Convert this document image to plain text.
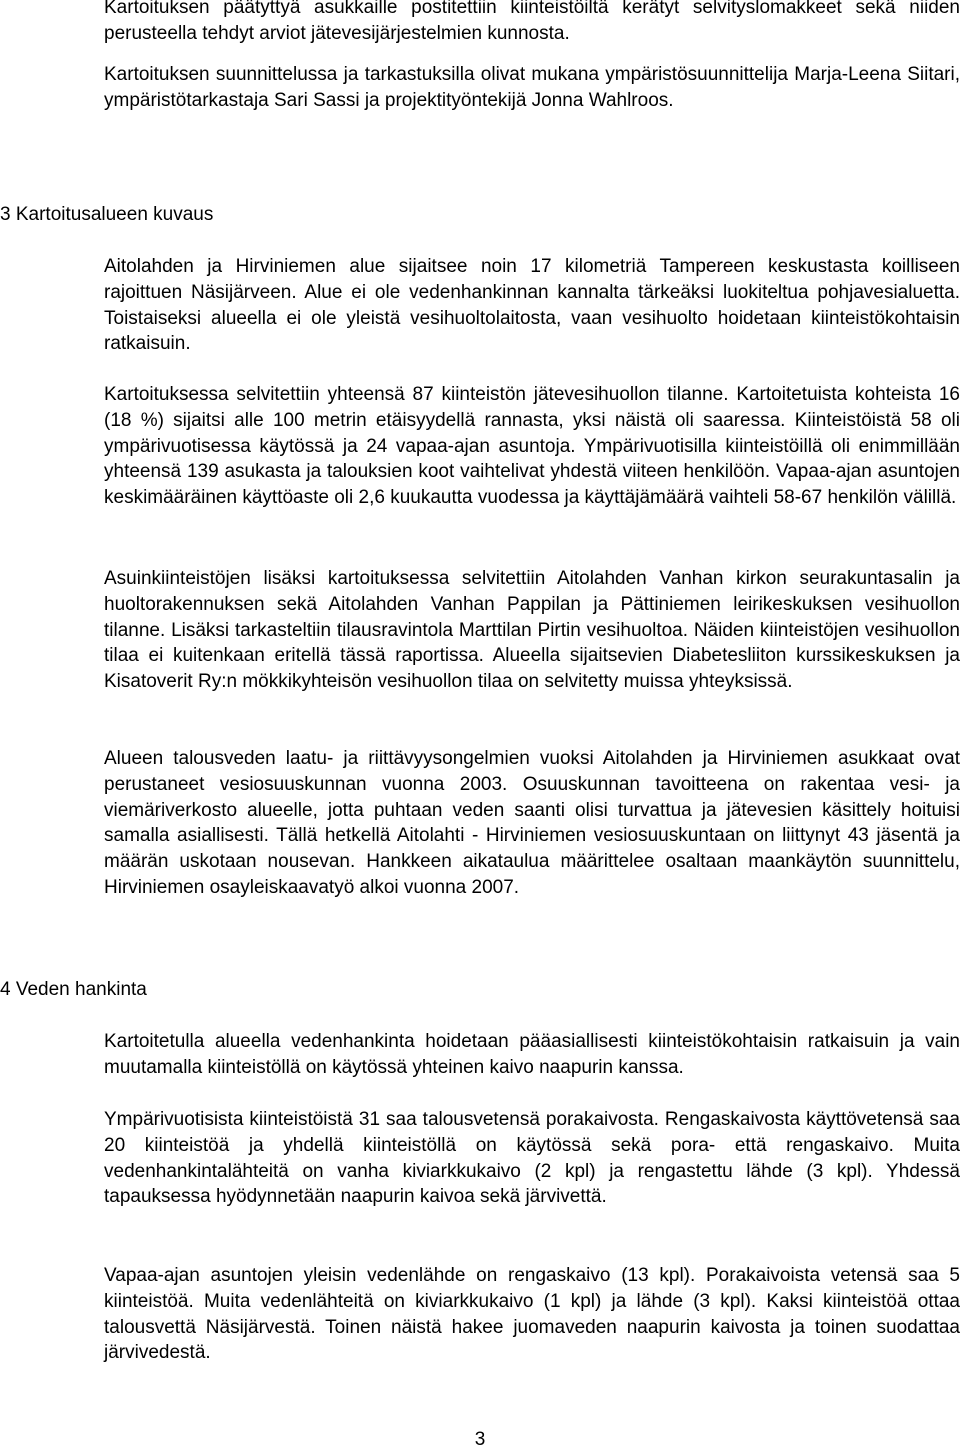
Kartoituksen päätyttyä asukkaille postitettiin kiinteistöiltä kerätyt selvityslomakkeet sekä niiden perusteella tehdyt arviot jätevesijärjestelmien kunnosta.

Kartoituksen suunnittelussa ja tarkastuksilla olivat mukana ympäristösuunnittelija Marja-Leena Siitari, ympäristötarkastaja Sari Sassi ja projektityöntekijä Jonna Wahlroos.

3 Kartoitusalueen kuvaus

Aitolahden ja Hirviniemen alue sijaitsee noin 17 kilometriä Tampereen keskustasta koilliseen rajoittuen Näsijärveen. Alue ei ole vedenhankinnan kannalta tärkeäksi luokiteltua pohjavesialuetta. Toistaiseksi alueella ei ole yleistä vesihuoltolaitosta, vaan vesihuolto hoidetaan kiinteistökohtaisin ratkaisuin.

Kartoituksessa selvitettiin yhteensä 87 kiinteistön jätevesihuollon tilanne. Kartoitetuista kohteista 16 (18 %) sijaitsi alle 100 metrin etäisyydellä rannasta, yksi näistä oli saaressa. Kiinteistöistä 58 oli ympärivuotisessa käytössä ja 24 vapaa-ajan asuntoja. Ympärivuotisilla kiinteistöillä oli enimmillään yhteensä 139 asukasta ja talouksien koot vaihtelivat yhdestä viiteen henkilöön. Vapaa-ajan asuntojen keskimääräinen käyttöaste oli 2,6 kuukautta vuodessa ja käyttäjämäärä vaihteli 58-67 henkilön välillä.

Asuinkiinteistöjen lisäksi kartoituksessa selvitettiin Aitolahden Vanhan kirkon seurakuntasalin ja huoltorakennuksen sekä Aitolahden Vanhan Pappilan ja Pättiniemen leirikeskuksen vesihuollon tilanne. Lisäksi tarkasteltiin tilausravintola Marttilan Pirtin vesihuoltoa. Näiden kiinteistöjen vesihuollon tilaa ei kuitenkaan eritellä tässä raportissa. Alueella sijaitsevien Diabetesliiton kurssikeskuksen ja Kisatoverit Ry:n mökkikyhteisön vesihuollon tilaa on selvitetty muissa yhteyksissä.

Alueen talousveden laatu- ja riittävyysongelmien vuoksi Aitolahden ja Hirviniemen asukkaat ovat perustaneet vesiosuuskunnan vuonna 2003. Osuuskunnan tavoitteena on rakentaa vesi- ja viemäriverkosto alueelle, jotta puhtaan veden saanti olisi turvattua ja jätevesien käsittely hoituisi samalla asiallisesti. Tällä hetkellä Aitolahti - Hirviniemen vesiosuuskuntaan on liittynyt 43 jäsentä ja määrän uskotaan nousevan. Hankkeen aikataulua määrittelee osaltaan maankäytön suunnittelu, Hirviniemen osayleiskaavatyö alkoi vuonna 2007.

4 Veden hankinta

Kartoitetulla alueella vedenhankinta hoidetaan pääasiallisesti kiinteistökohtaisin ratkaisuin ja vain muutamalla kiinteistöllä on käytössä yhteinen kaivo naapurin kanssa.

Ympärivuotisista kiinteistöistä 31 saa talousvetensä porakaivosta. Rengaskaivosta käyttövetensä saa 20 kiinteistöä ja yhdellä kiinteistöllä on käytössä sekä pora- että rengaskaivo. Muita vedenhankintalähteitä on vanha kiviarkkukaivo (2 kpl) ja rengastettu lähde (3 kpl). Yhdessä tapauksessa hyödynnetään naapurin kaivoa sekä järvivettä.

Vapaa-ajan asuntojen yleisin vedenlähde on rengaskaivo (13 kpl). Porakaivoista vetensä saa 5 kiinteistöä. Muita vedenlähteitä on kiviarkkukaivo (1 kpl) ja lähde (3 kpl). Kaksi kiinteistöä ottaa talousvettä Näsijärvestä. Toinen näistä hakee juomaveden naapurin kaivosta ja toinen suodattaa järvivedestä.

3
